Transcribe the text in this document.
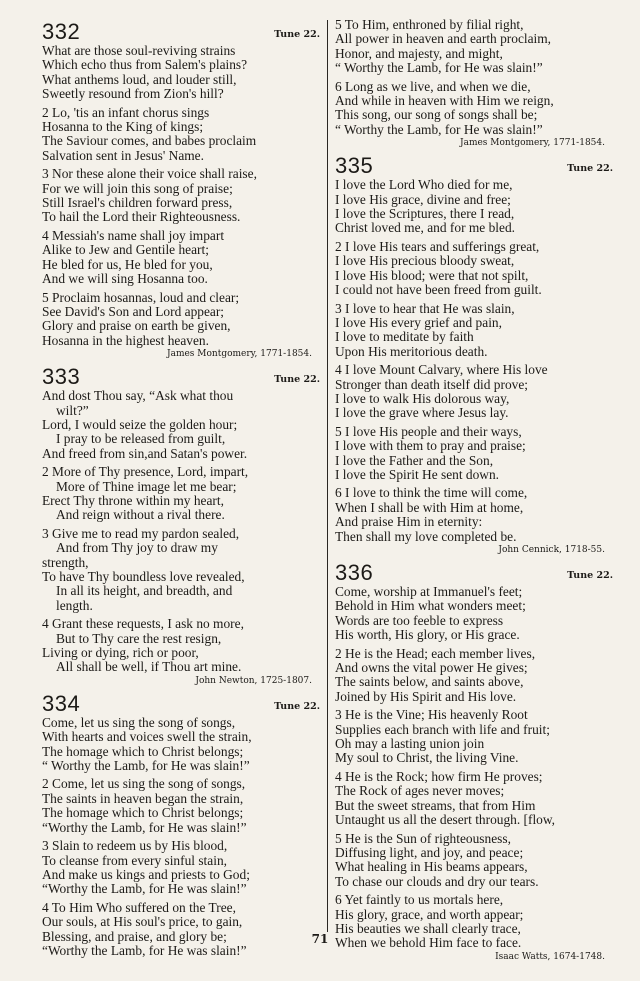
332	Tune 22.
What are those soul-reviving strains
Which echo thus from Salem's plains?
What anthems loud, and louder still,
Sweetly resound from Zion's hill?
2 Lo, 'tis an infant chorus sings
Hosanna to the King of kings;
The Saviour comes, and babes proclaim
Salvation sent in Jesus' Name.
3 Nor these alone their voice shall raise,
For we will join this song of praise;
Still Israel's children forward press,
To hail the Lord their Righteousness.
4 Messiah's name shall joy impart
Alike to Jew and Gentile heart;
He bled for us, He bled for you,
And we will sing Hosanna too.
5 Proclaim hosannas, loud and clear;
See David's Son and Lord appear;
Glory and praise on earth be given,
Hosanna in the highest heaven.
James Montgomery, 1771-1854.
333	Tune 22.
And dost Thou say, “Ask what thou
wilt?”
Lord, I would seize the golden hour;
I pray to be released from guilt,
And freed from sin,and Satan's power.
2 More of Thy presence, Lord, impart,
More of Thine image let me bear;
Erect Thy throne within my heart,
And reign without a rival there.
3 Give me to read my pardon sealed,
And from Thy joy to draw my
strength,
To have Thy boundless love revealed,
In all its height, and breadth, and
length.
4 Grant these requests, I ask no more,
But to Thy care the rest resign,
Living or dying, rich or poor,
All shall be well, if Thou art mine.
John Newton, 1725-1807.
334	Tune 22.
Come, let us sing the song of songs,
With hearts and voices swell the strain,
The homage which to Christ belongs;
“ Worthy the Lamb, for He was slain!”
2 Come, let us sing the song of songs,
The saints in heaven began the strain,
The homage which to Christ belongs;
“Worthy the Lamb, for He was slain!”
3 Slain to redeem us by His blood,
To cleanse from every sinful stain,
And make us kings and priests to God;
“Worthy the Lamb, for He was slain!”
4 To Him Who suffered on the Tree,
Our souls, at His soul's price, to gain,
Blessing, and praise, and glory be;
“Worthy the Lamb, for He was slain!”
5 To Him, enthroned by filial right,
All power in heaven and earth proclaim,
Honor, and majesty, and might,
“ Worthy the Lamb, for He was slain!”
6 Long as we live, and when we die,
And while in heaven with Him we reign,
This song, our song of songs shall be;
“ Worthy the Lamb, for He was slain!”
James Montgomery, 1771-1854.
335	Tune 22.
I love the Lord Who died for me,
I love His grace, divine and free;
I love the Scriptures, there I read,
Christ loved me, and for me bled.
2 I love His tears and sufferings great,
I love His precious bloody sweat,
I love His blood; were that not spilt,
I could not have been freed from guilt.
3 I love to hear that He was slain,
I love His every grief and pain,
I love to meditate by faith
Upon His meritorious death.
4 I love Mount Calvary, where His love
Stronger than death itself did prove;
I love to walk His dolorous way,
I love the grave where Jesus lay.
5 I love His people and their ways,
I love with them to pray and praise;
I love the Father and the Son,
I love the Spirit He sent down.
6 I love to think the time will come,
When I shall be with Him at home,
And praise Him in eternity:
Then shall my love completed be.
John Cennick, 1718-55.
336	Tune 22.
Come, worship at Immanuel's feet;
Behold in Him what wonders meet;
Words are too feeble to express
His worth, His glory, or His grace.
2 He is the Head; each member lives,
And owns the vital power He gives;
The saints below, and saints above,
Joined by His Spirit and His love.
3 He is the Vine; His heavenly Root
Supplies each branch with life and fruit;
Oh may a lasting union join
My soul to Christ, the living Vine.
4 He is the Rock; how firm He proves;
The Rock of ages never moves;
But the sweet streams, that from Him
Untaught us all the desert through. [flow,
5 He is the Sun of righteousness,
Diffusing light, and joy, and peace;
What healing in His beams appears,
To chase our clouds and dry our tears.
6 Yet faintly to us mortals here,
His glory, grace, and worth appear;
His beauties we shall clearly trace,
When we behold Him face to face.
Isaac Watts, 1674-1748.
71
